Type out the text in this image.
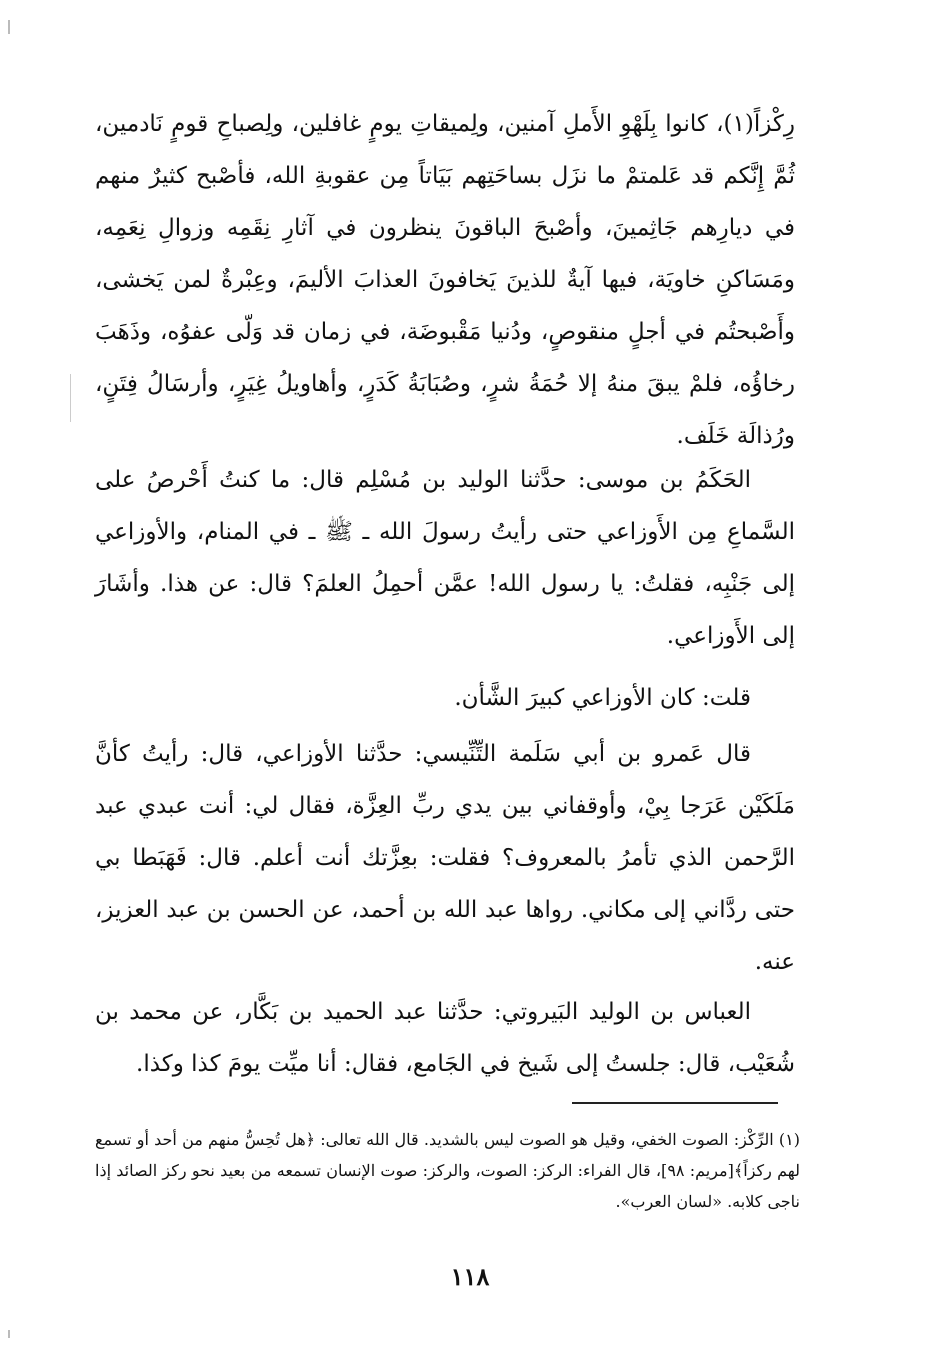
رِكْزاً(١)، كانوا بِلَهْوِ الأَملِ آمنين، ولِميقاتِ يومٍ غافلين، ولِصباحِ قومٍ نَادمين، ثُمَّ إِنَّكم قد عَلمتمْ ما نزَل بساحَتِهم بَيَاتاً مِن عقوبةِ الله، فأصْبح كثيرٌ منهم في ديارِهم جَاثِمينَ، وأصْبحَ الباقونَ ينظرون في آثارِ نِقَمِه وزوالِ نِعَمِه، ومَسَاكنِ خاويَة، فيها آيةٌ للذينَ يَخافونَ العذابَ الأليمَ، وعِبْرةٌ لمن يَخشى، وأَصْبحتُم في أجلٍ منقوصٍ، ودُنيا مَقْبوضَة، في زمان قد وَلّى عفوُه، وذَهَبَ رخاؤُه، فلمْ يبقَ منهُ إلا حُمَةُ شرٍ، وصُبَابَةُ كَدَرٍ، وأهاويلُ غِيَرٍ، وأرسَالُ فِتَنٍ، ورُذالَة خَلَف.

الحَكَمُ بن موسى: حدَّثنا الوليد بن مُسْلِم قال: ما كنتُ أَحْرصُ على السَّماعِ مِن الأَوزاعي حتى رأيتُ رسولَ الله ـ ﷺ ـ في المنام، والأوزاعي إلى جَنْبِه، فقلتُ: يا رسول الله! عمَّن أحمِلُ العلمَ؟ قال: عن هذا. وأشَارَ إلى الأَوزاعي.

قلت: كان الأوزاعي كبيرَ الشَّأن.

قال عَمرو بن أبي سَلَمة التِّنِّيسي: حدَّثنا الأوزاعي، قال: رأيتُ كأنَّ مَلَكَيْن عَرَجا بِيْ، وأوقفاني بين يدي ربِّ العِزَّة، فقال لي: أنت عبدي عبد الرَّحمن الذي تأمرُ بالمعروف؟ فقلت: بعِزَّتك أنت أعلم. قال: فَهَبَطا بي حتى ردَّاني إلى مكاني. رواها عبد الله بن أحمد، عن الحسن بن عبد العزيز، عنه.

العباس بن الوليد البَيروتي: حدَّثنا عبد الحميد بن بَكَّار، عن محمد بن شُعَيْب، قال: جلستُ إلى شَيخ في الجَامع، فقال: أنا ميِّت يومَ كذا وكذا.

(١) الرِّكْز: الصوت الخفي، وقيل هو الصوت ليس بالشديد. قال الله تعالى: ﴿هل تُحِسُّ منهم من أحد أو تسمع لهم ركزاً﴾[مريم: ٩٨]، قال الفراء: الركز: الصوت، والركز: صوت الإنسان تسمعه من بعيد نحو ركز الصائد إذا ناجى كلابه. «لسان العرب».

١١٨
